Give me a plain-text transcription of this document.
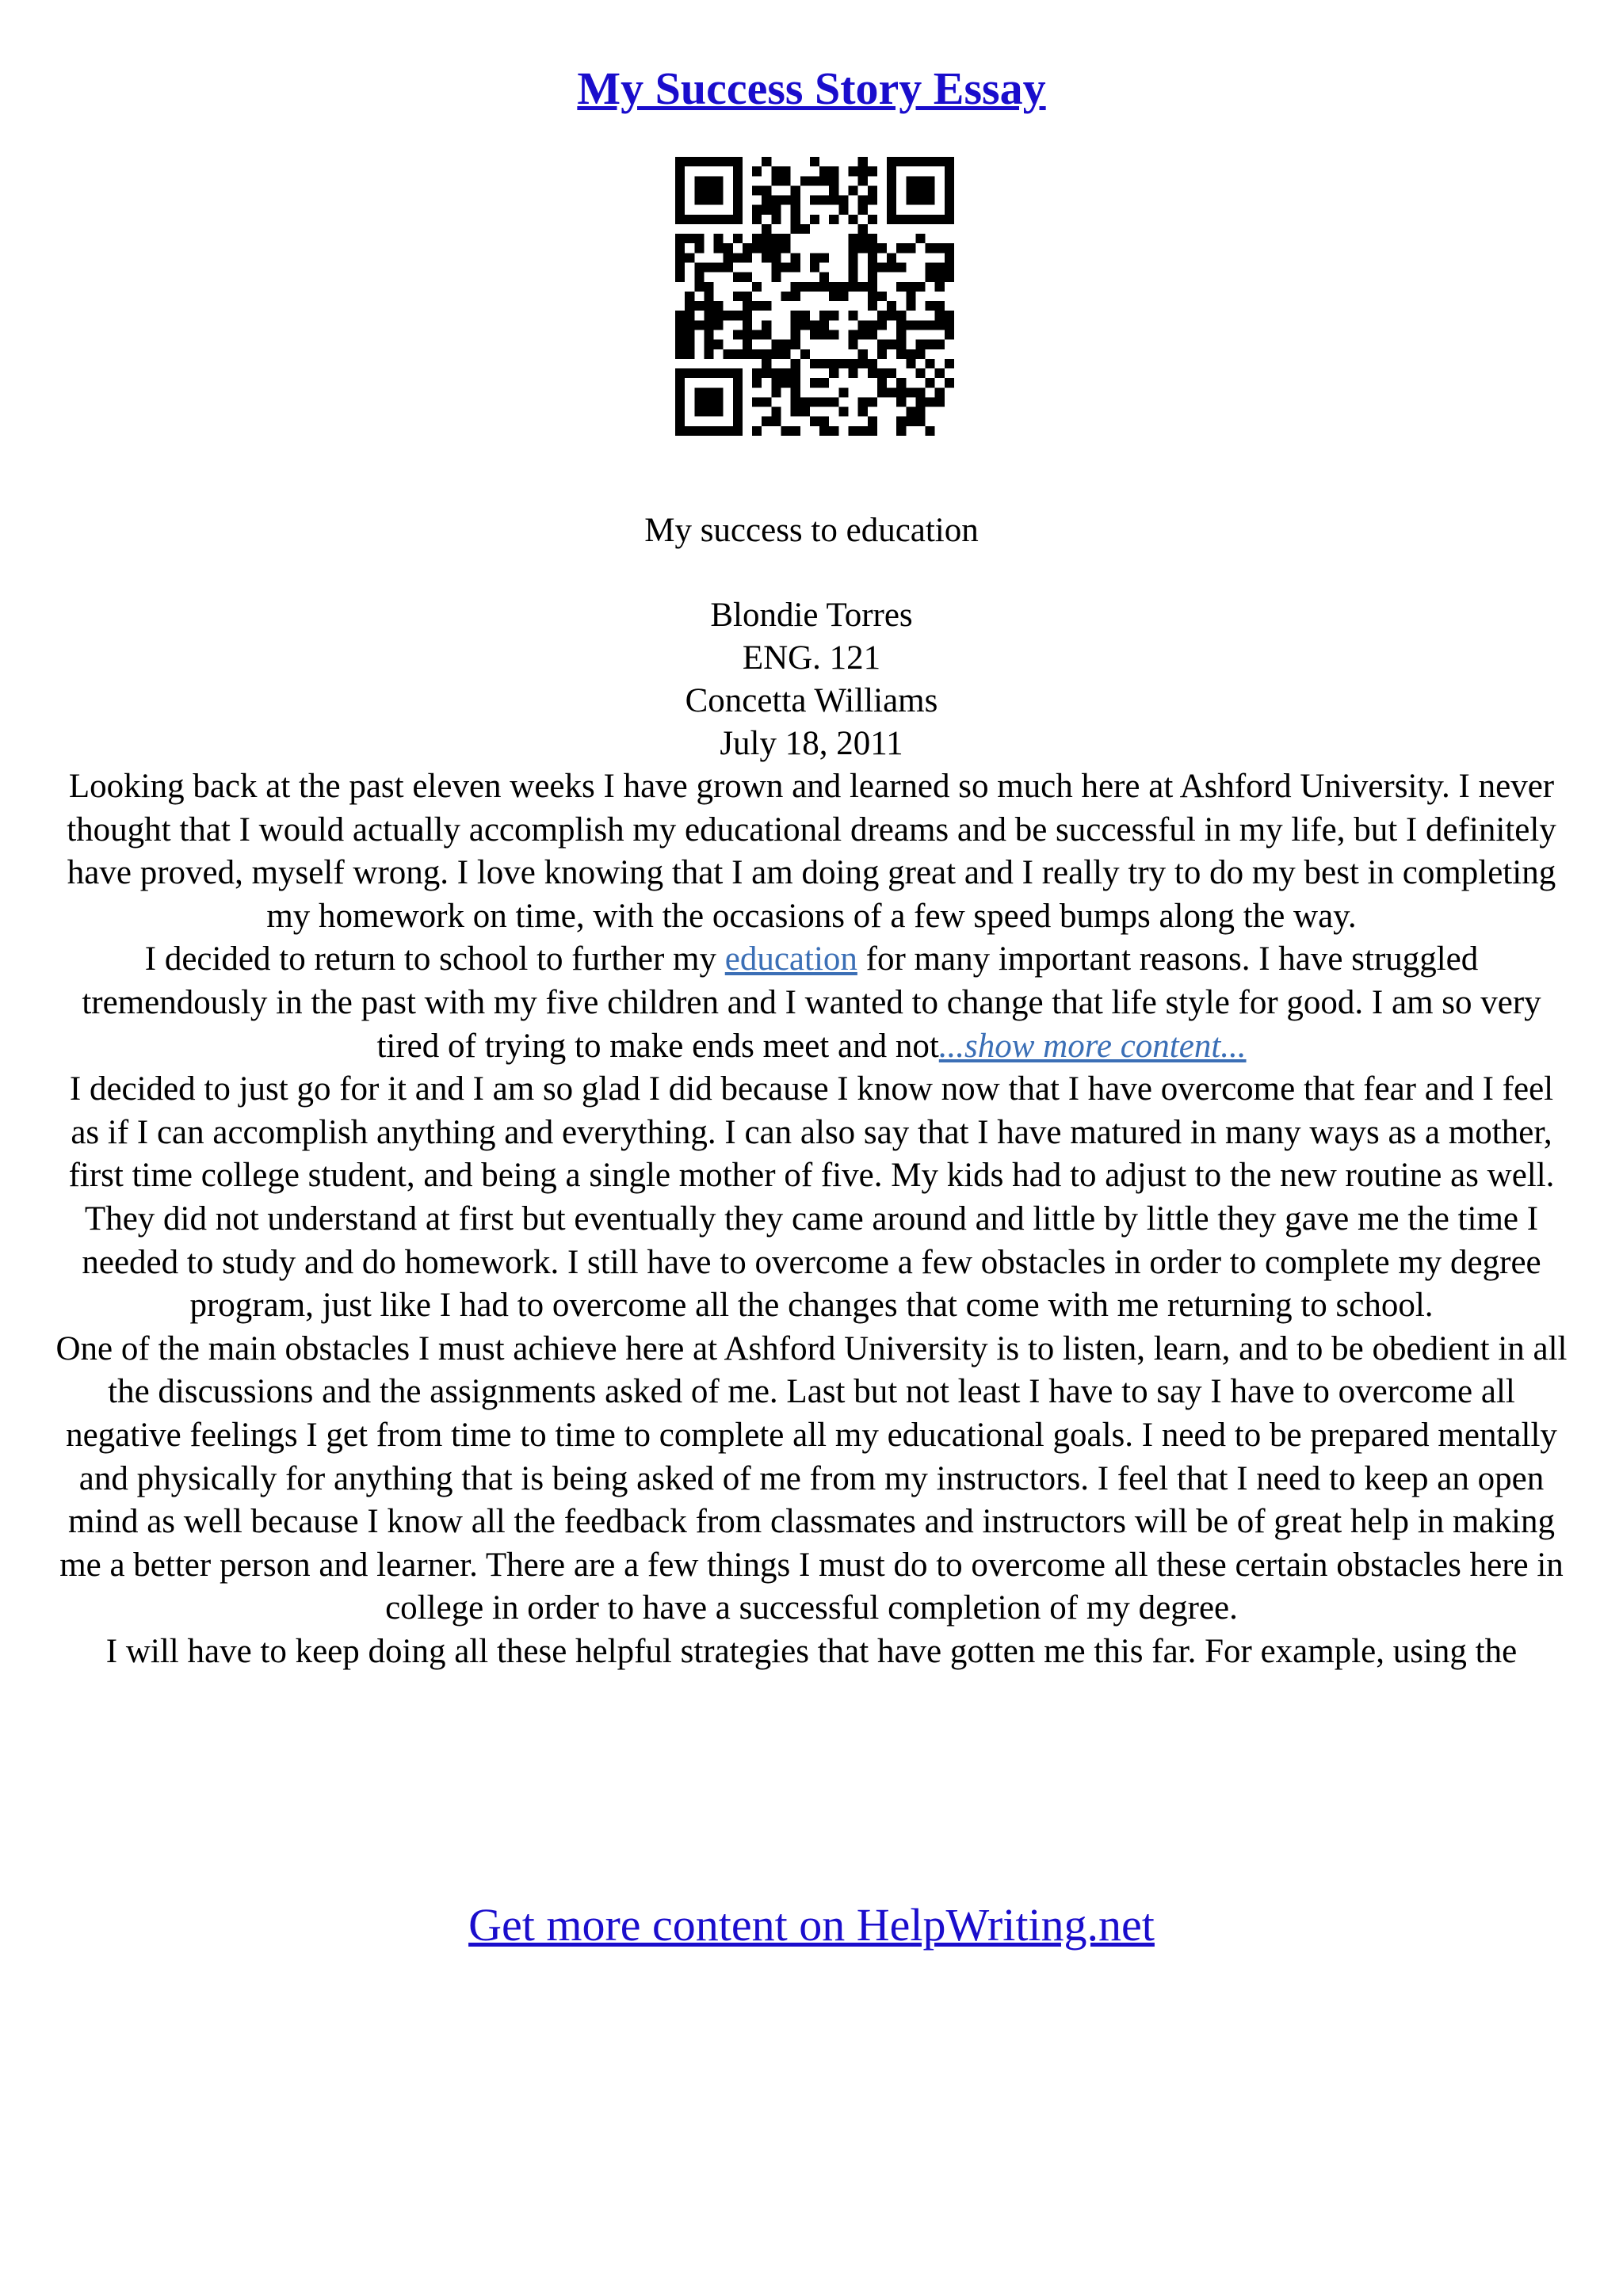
My Success Story Essay
My success to education
Blondie Torres
ENG. 121
Concetta Williams
July 18, 2011

Looking back at the past eleven weeks I have grown and learned so much here at Ashford University. I never thought that I would actually accomplish my educational dreams and be successful in my life, but I definitely have proved, myself wrong. I love knowing that I am doing great and I really try to do my best in completing my homework on time, with the occasions of a few speed bumps along the way.

I decided to return to school to further my education for many important reasons. I have struggled tremendously in the past with my five children and I wanted to change that life style for good. I am so very tired of trying to make ends meet and not...show more content...

I decided to just go for it and I am so glad I did because I know now that I have overcome that fear and I feel as if I can accomplish anything and everything. I can also say that I have matured in many ways as a mother, first time college student, and being a single mother of five. My kids had to adjust to the new routine as well. They did not understand at first but eventually they came around and little by little they gave me the time I needed to study and do homework. I still have to overcome a few obstacles in order to complete my degree program, just like I had to overcome all the changes that come with me returning to school.

One of the main obstacles I must achieve here at Ashford University is to listen, learn, and to be obedient in all the discussions and the assignments asked of me. Last but not least I have to say I have to overcome all negative feelings I get from time to time to complete all my educational goals. I need to be prepared mentally and physically for anything that is being asked of me from my instructors. I feel that I need to keep an open mind as well because I know all the feedback from classmates and instructors will be of great help in making me a better person and learner. There are a few things I must do to overcome all these certain obstacles here in college in order to have a successful completion of my degree.

I will have to keep doing all these helpful strategies that have gotten me this far. For example, using the

Get more content on HelpWriting.net
